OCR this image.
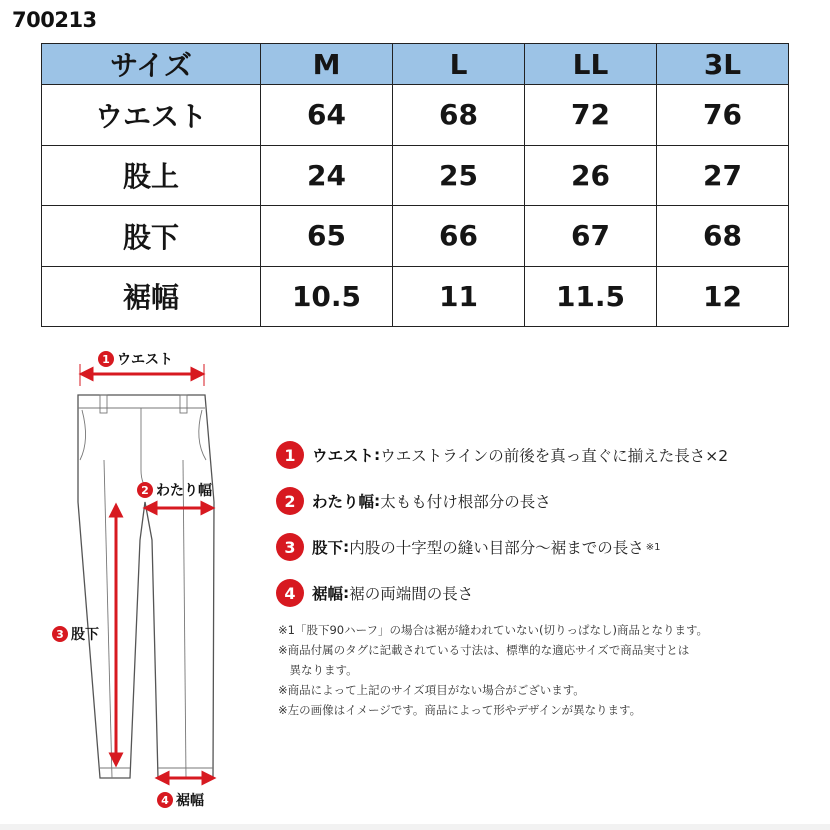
700213
サイズ	M	L	LL	3L
ウエスト	64	68	72	76
股上	24	25	26	27
股下	65	66	67	68
裾幅	10.5	11	11.5	12
1 ウエスト
2 わたり幅
3 股下
4 裾幅
1	ウエスト : ウエストラインの前後を真っ直ぐに揃えた長さ×2
2	わたり幅 : 太もも付け根部分の長さ
3	股下 : 内股の十字型の縫い目部分～裾までの長さ ※1
4	裾幅 : 裾の両端間の長さ
※1「股下90ハーフ」の場合は裾が縫われていない(切りっぱなし)商品となります。
※商品付属のタグに記載されている寸法は、標準的な適応サイズで商品実寸とは
　異なります。
※商品によって上記のサイズ項目がない場合がございます。
※左の画像はイメージです。商品によって形やデザインが異なります。
